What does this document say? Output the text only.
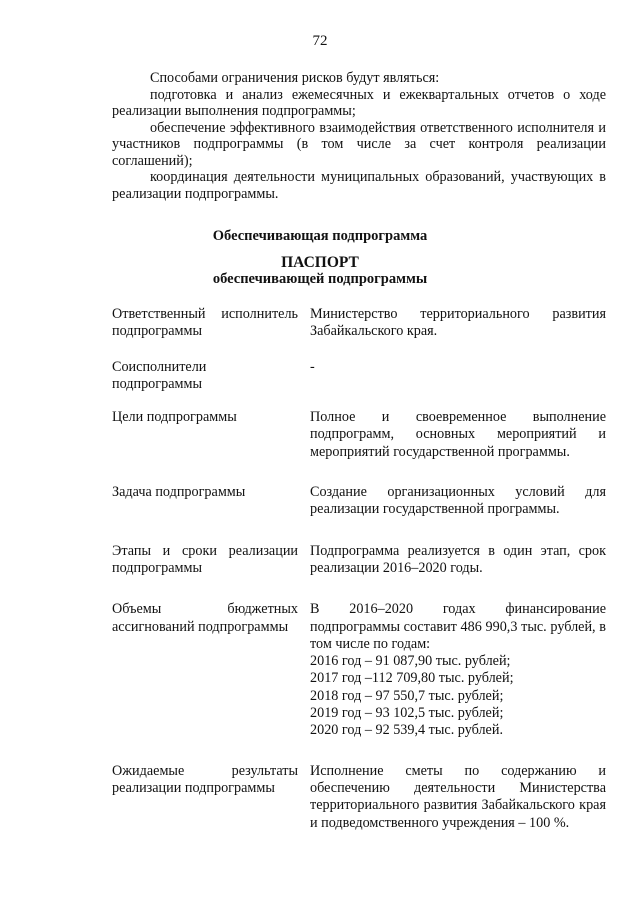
72

Способами ограничения рисков будут являться:

подготовка и анализ ежемесячных и ежеквартальных отчетов о ходе реализации выполнения подпрограммы;

обеспечение эффективного взаимодействия ответственного исполнителя и участников подпрограммы (в том числе за счет контроля реализации соглашений);

координация деятельности муниципальных образований, участвующих в реализации подпрограммы.

Обеспечивающая подпрограмма
ПАСПОРТ
обеспечивающей подпрограммы
Ответственный исполнитель подпрограммы
Министерство территориального развития Забайкальского края.
Соисполнители подпрограммы
-
Цели подпрограммы	Полное и своевременное выполнение подпрограмм, основных мероприятий и мероприятий государственной программы.
Задача подпрограммы	Создание организационных условий для реализации государственной программы.
Этапы и сроки реализации подпрограммы
Подпрограмма реализуется в один этап, срок реализации 2016–2020 годы.
Объемы бюджетных ассигнований подпрограммы
В 2016–2020 годах финансирование подпрограммы составит 486 990,3 тыс. рублей, в том числе по годам:
2016 год – 91 087,90 тыс. рублей;
2017 год –112 709,80 тыс. рублей;
2018 год – 97 550,7 тыс. рублей;
2019 год – 93 102,5 тыс. рублей;
2020 год – 92 539,4 тыс. рублей.
Ожидаемые результаты реализации подпрограммы
Исполнение сметы по содержанию и обеспечению деятельности Министерства территориального развития Забайкальского края и подведомственного учреждения – 100 %.
